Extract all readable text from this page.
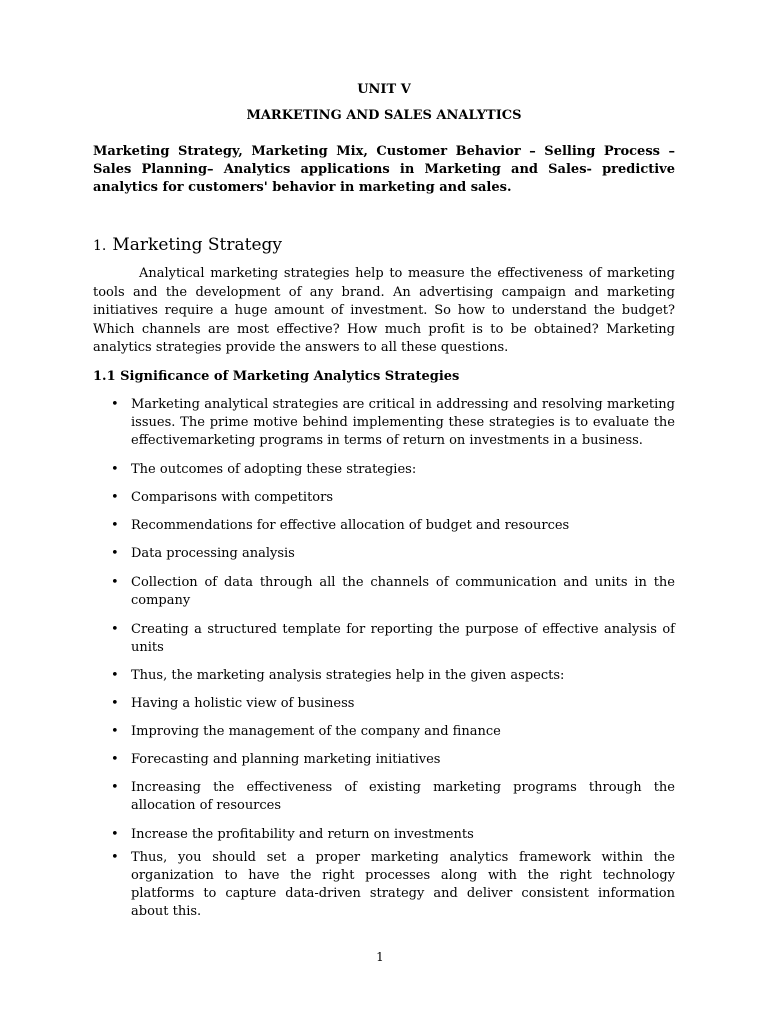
UNIT V
MARKETING AND SALES ANALYTICS

Marketing Strategy, Marketing Mix, Customer Behavior – Selling Process – Sales Planning– Analytics applications in Marketing and Sales- predictive analytics for customers' behavior in marketing and sales.

1. Marketing Strategy

Analytical marketing strategies help to measure the effectiveness of marketing tools and the development of any brand. An advertising campaign and marketing initiatives require a huge amount of investment. So how to understand the budget? Which channels are most effective? How much profit is to be obtained? Marketing analytics strategies provide the answers to all these questions.

1.1 Significance of Marketing Analytics Strategies
• Marketing analytical strategies are critical in addressing and resolving marketing issues. The prime motive behind implementing these strategies is to evaluate the effectivemarketing programs in terms of return on investments in a business.
• The outcomes of adopting these strategies:
• Comparisons with competitors
• Recommendations for effective allocation of budget and resources
• Data processing analysis
• Collection of data through all the channels of communication and units in the company
• Creating a structured template for reporting the purpose of effective analysis of units
• Thus, the marketing analysis strategies help in the given aspects:
• Having a holistic view of business
• Improving the management of the company and finance
• Forecasting and planning marketing initiatives
• Increasing the effectiveness of existing marketing programs through the allocation of resources
• Increase the profitability and return on investments
• Thus, you should set a proper marketing analytics framework within the organization to have the right processes along with the right technology platforms to capture data-driven strategy and deliver consistent information about this.
1
